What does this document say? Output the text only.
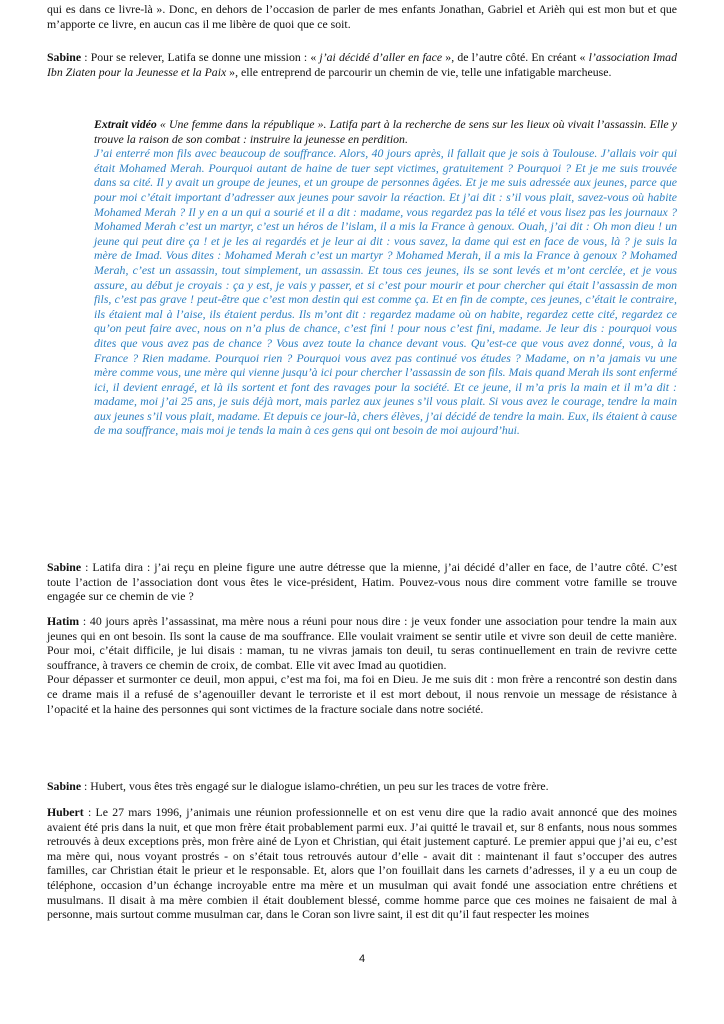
qui es dans ce livre-là ». Donc, en dehors de l’occasion de parler de mes enfants Jonathan, Gabriel et Arièh qui est mon but et que m’apporte ce livre, en aucun cas il me libère de quoi que ce soit.

Sabine : Pour se relever, Latifa se donne une mission : « j’ai décidé d’aller en face », de l’autre côté. En créant « l’association Imad Ibn Ziaten pour la Jeunesse et la Paix », elle entreprend de parcourir un chemin de vie, telle une infatigable marcheuse.

Extrait vidéo « Une femme dans la république ». Latifa part à la recherche de sens sur les lieux où vivait l’assassin. Elle y trouve la raison de son combat : instruire la jeunesse en perdition.

J’ai enterré mon fils avec beaucoup de souffrance. Alors, 40 jours après, il fallait que je sois à Toulouse. J’allais voir qui était Mohamed Merah. Pourquoi autant de haine de tuer sept victimes, gratuitement ? Pourquoi ? Et je me suis trouvée dans sa cité. Il y avait un groupe de jeunes, et un groupe de personnes âgées. Et je me suis adressée aux jeunes, parce que pour moi c’était important d’adresser aux jeunes pour savoir la réaction. Et j’ai dit : s’il vous plait, savez-vous où habite Mohamed Merah ? Il y en a un qui a sourié et il a dit : madame, vous regardez pas la télé et vous lisez pas les journaux ? Mohamed Merah c’est un martyr, c’est un héros de l’islam, il a mis la France à genoux. Ouah, j’ai dit : Oh mon dieu ! un jeune qui peut dire ça ! et je les ai regardés et je leur ai dit : vous savez, la dame qui est en face de vous, là ? je suis la mère de Imad. Vous dites : Mohamed Merah c’est un martyr ? Mohamed Merah, il a mis la France à genoux ? Mohamed Merah, c’est un assassin, tout simplement, un assassin. Et tous ces jeunes, ils se sont levés et m’ont cerclée, et je vous assure, au début je croyais : ça y est, je vais y passer, et si c’est pour mourir et pour chercher qui était l’assassin de mon fils, c’est pas grave ! peut-être que c’est mon destin qui est comme ça. Et en fin de compte, ces jeunes, c’était le contraire, ils étaient mal à l’aise, ils étaient perdus. Ils m’ont dit : regardez madame où on habite, regardez cette cité, regardez ce qu’on peut faire avec, nous on n’a plus de chance, c’est fini ! pour nous c’est fini, madame. Je leur dis : pourquoi vous dites que vous avez pas de chance ? Vous avez toute la chance devant vous. Qu’est-ce que vous avez donné, vous, à la France ? Rien madame. Pourquoi rien ? Pourquoi vous avez pas continué vos études ? Madame, on n’a jamais vu une mère comme vous, une mère qui vienne jusqu’à ici pour chercher l’assassin de son fils. Mais quand Merah ils sont enfermé ici, il devient enragé, et là ils sortent et font des ravages pour la société. Et ce jeune, il m’a pris la main et il m’a dit : madame, moi j’ai 25 ans, je suis déjà mort, mais parlez aux jeunes s’il vous plait. Si vous avez le courage, tendre la main aux jeunes s’il vous plait, madame. Et depuis ce jour-là, chers élèves, j’ai décidé de tendre la main. Eux, ils étaient à cause de ma souffrance, mais moi je tends la main à ces gens qui ont besoin de moi aujourd’hui.

Sabine : Latifa dira : j’ai reçu en pleine figure une autre détresse que la mienne, j’ai décidé d’aller en face, de l’autre côté. C’est toute l’action de l’association dont vous êtes le vice-président, Hatim. Pouvez-vous nous dire comment votre famille se trouve engagée sur ce chemin de vie ?

Hatim : 40 jours après l’assassinat, ma mère nous a réuni pour nous dire : je veux fonder une association pour tendre la main aux jeunes qui en ont besoin. Ils sont la cause de ma souffrance. Elle voulait vraiment se sentir utile et vivre son deuil de cette manière. Pour moi, c’était difficile, je lui disais : maman, tu ne vivras jamais ton deuil, tu seras continuellement en train de revivre cette souffrance, à travers ce chemin de croix, de combat. Elle vit avec Imad au quotidien.

Pour dépasser et surmonter ce deuil, mon appui, c’est ma foi, ma foi en Dieu. Je me suis dit : mon frère a rencontré son destin dans ce drame mais il a refusé de s’agenouiller devant le terroriste et il est mort debout, il nous renvoie un message de résistance à l’opacité et la haine des personnes qui sont victimes de la fracture sociale dans notre société.

Sabine : Hubert, vous êtes très engagé sur le dialogue islamo-chrétien, un peu sur les traces de votre frère.

Hubert : Le 27 mars 1996, j’animais une réunion professionnelle et on est venu dire que la radio avait annoncé que des moines avaient été pris dans la nuit, et que mon frère était probablement parmi eux. J’ai quitté le travail et, sur 8 enfants, nous nous sommes retrouvés à deux exceptions près, mon frère ainé de Lyon et Christian, qui était justement capturé. Le premier appui que j’ai eu, c’est ma mère qui, nous voyant prostrés - on s’était tous retrouvés autour d’elle - avait dit : maintenant il faut s’occuper des autres familles, car Christian était le prieur et le responsable. Et, alors que l’on fouillait dans les carnets d’adresses, il y a eu un coup de téléphone, occasion d’un échange incroyable entre ma mère et un musulman qui avait fondé une association entre chrétiens et musulmans. Il disait à ma mère combien il était doublement blessé, comme homme parce que ces moines ne faisaient de mal à personne, mais surtout comme musulman car, dans le Coran son livre saint, il est dit qu’il faut respecter les moines

4
